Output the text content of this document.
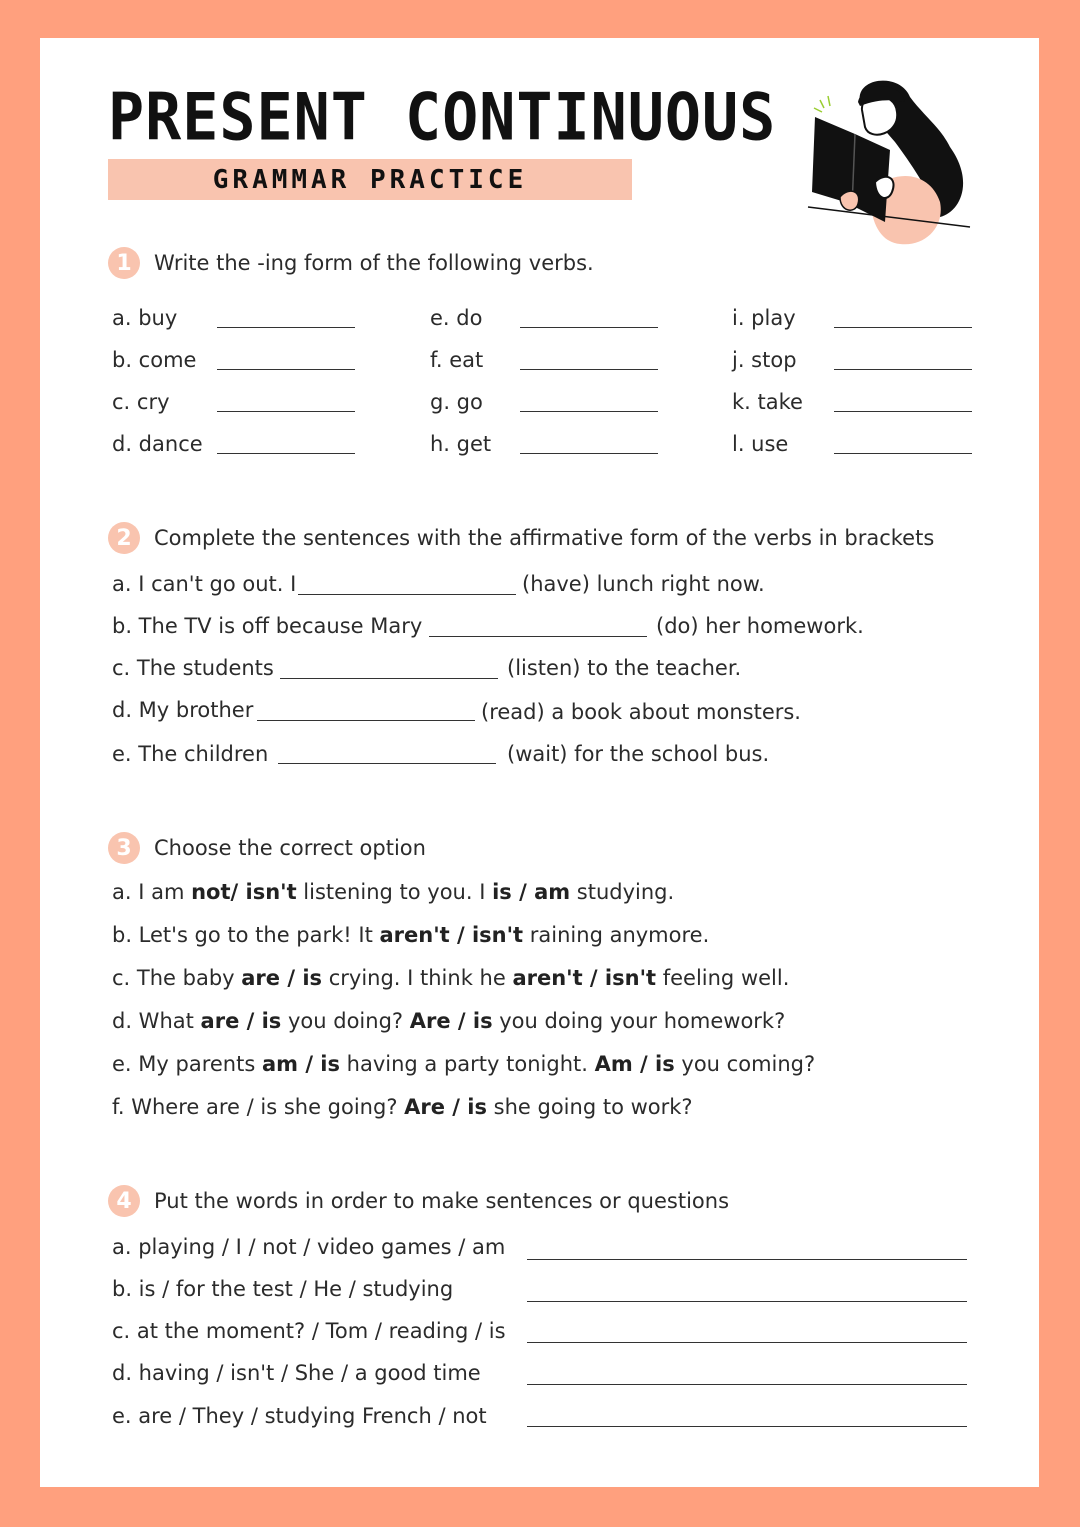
PRESENT CONTINUOUS
GRAMMAR PRACTICE
1	Write the -ing form of the following verbs.
a. buy
b. come
c. cry
d. dance
e. do
f. eat
g. go
h. get
i. play
j. stop
k. take
l. use
2	Complete the sentences with the affirmative form of the verbs in brackets
a. I can't go out. I	(have) lunch right now.
b. The TV is off because Mary	(do) her homework.
c. The students	(listen) to the teacher.
d. My brother	(read) a book about monsters.
e. The children	(wait) for the school bus.
3	Choose the correct option
a. I am not/ isn't listening to you. I is / am studying.
b. Let's go to the park! It aren't / isn't raining anymore.
c. The baby are / is crying. I think he aren't / isn't feeling well.
d. What are / is you doing? Are / is you doing your homework?
e. My parents am / is having a party tonight. Am / is you coming?
f. Where are / is she going? Are / is she going to work?
4	Put the words in order to make sentences or questions
a. playing / I / not / video games / am
b. is / for the test / He / studying
c. at the moment? / Tom / reading / is
d. having / isn't / She / a good time
e. are / They / studying French / not
